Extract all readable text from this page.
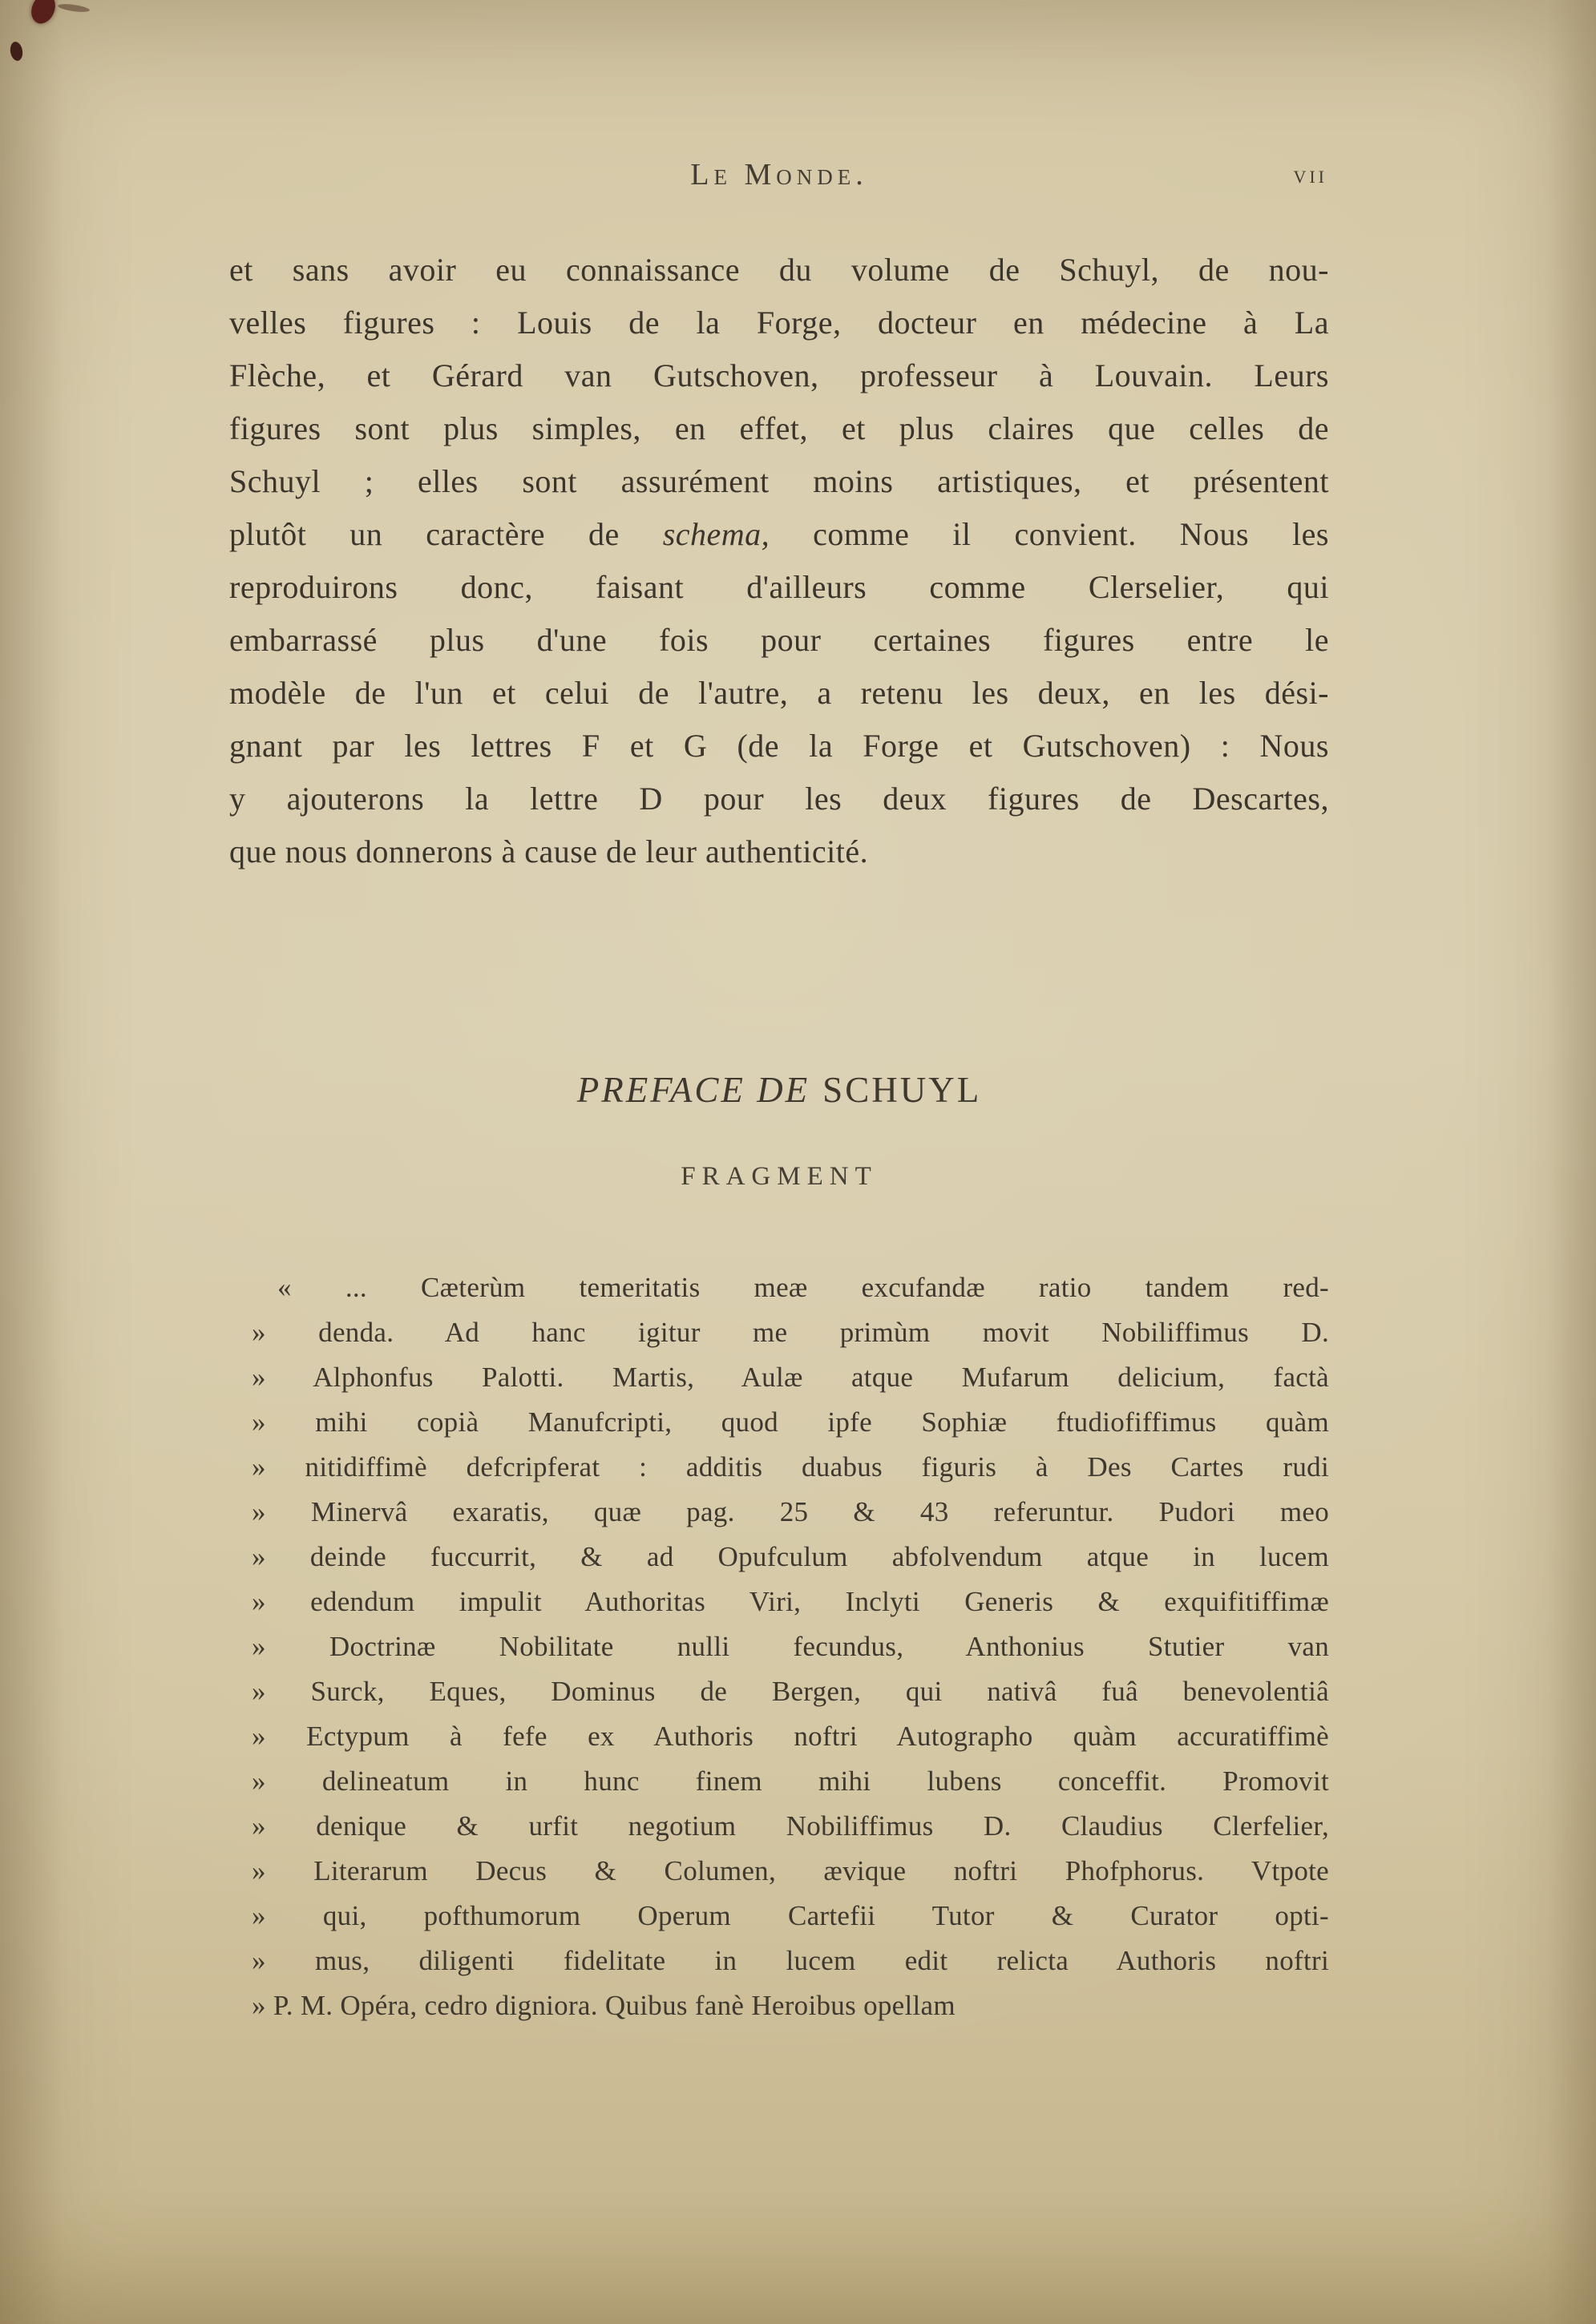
Le Monde.	vii
et sans avoir eu connaissance du volume de Schuyl, de nou-
velles figures : Louis de la Forge, docteur en médecine à La
Flèche, et Gérard van Gutschoven, professeur à Louvain. Leurs
figures sont plus simples, en effet, et plus claires que celles de
Schuyl ; elles sont assurément moins artistiques, et présentent
plutôt un caractère de schema, comme il convient. Nous les
reproduirons donc, faisant d'ailleurs comme Clerselier, qui
embarrassé plus d'une fois pour certaines figures entre le
modèle de l'un et celui de l'autre, a retenu les deux, en les dési-
gnant par les lettres F et G (de la Forge et Gutschoven) : Nous
y ajouterons la lettre D pour les deux figures de Descartes,
que nous donnerons à cause de leur authenticité.
PREFACE DE SCHUYL
FRAGMENT
« ... Cæterùm temeritatis meæ excufandæ ratio tandem red-
» denda. Ad hanc igitur me primùm movit Nobiliffimus D.
» Alphonfus Palotti. Martis, Aulæ atque Mufarum delicium, factà
» mihi copià Manufcripti, quod ipfe Sophiæ ftudiofiffimus quàm
» nitidiffimè defcripferat : additis duabus figuris à Des Cartes rudi
» Minervâ exaratis, quæ pag. 25 & 43 referuntur. Pudori meo
» deinde fuccurrit, & ad Opufculum abfolvendum atque in lucem
» edendum impulit Authoritas Viri, Inclyti Generis & exquifitiffimæ
» Doctrinæ Nobilitate nulli fecundus, Anthonius Stutier van
» Surck, Eques, Dominus de Bergen, qui nativâ fuâ benevolentiâ
» Ectypum à fefe ex Authoris noftri Autographo quàm accuratiffimè
» delineatum in hunc finem mihi lubens conceffit. Promovit
» denique & urfit negotium Nobiliffimus D. Claudius Clerfelier,
» Literarum Decus & Columen, ævique noftri Phofphorus. Vtpote
» qui, pofthumorum Operum Cartefii Tutor & Curator opti-
» mus, diligenti fidelitate in lucem edit relicta Authoris noftri
» P. M. Opéra, cedro digniora. Quibus fanè Heroibus opellam
